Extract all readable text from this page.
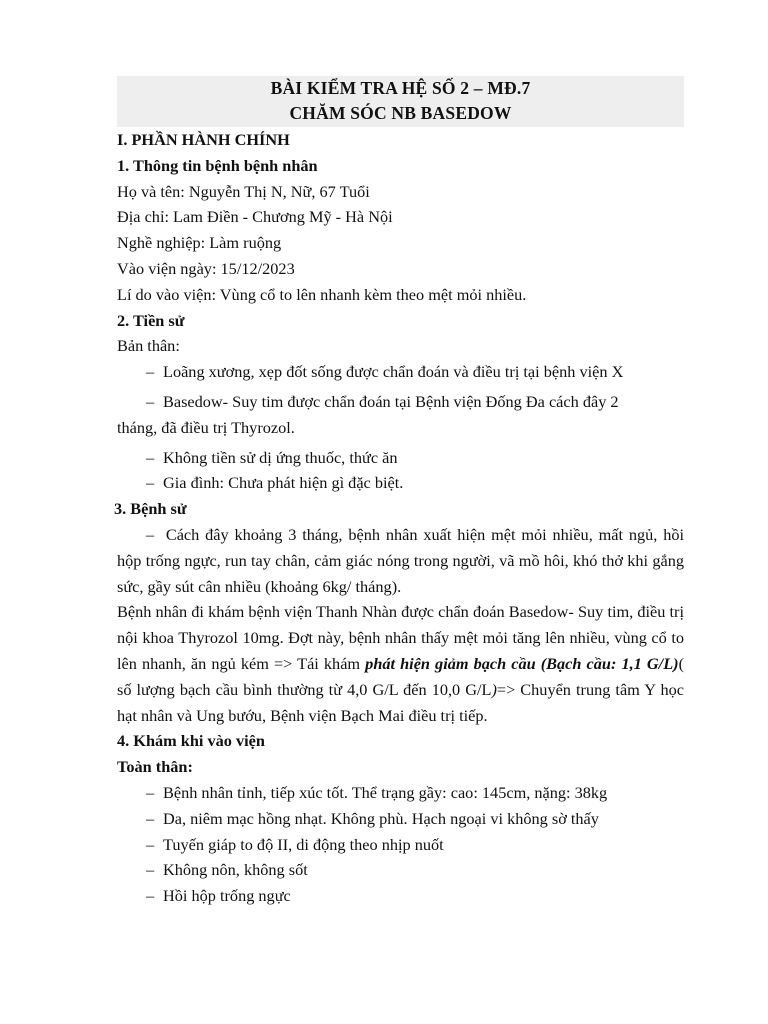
BÀI KIỂM TRA HỆ SỐ 2 – MĐ.7
CHĂM SÓC NB BASEDOW

I. PHẦN HÀNH CHÍNH

1. Thông tin bệnh bệnh nhân

Họ và tên: Nguyễn Thị N, Nữ, 67 Tuổi

Địa chỉ: Lam Điền - Chương Mỹ - Hà Nội

Nghề nghiệp: Làm ruộng

Vào viện ngày: 15/12/2023

Lí do vào viện: Vùng cổ to lên nhanh kèm theo mệt mỏi nhiều.

2. Tiền sử

Bản thân:

– Loãng xương, xẹp đốt sống được chẩn đoán và điều trị tại bệnh viện X

– Basedow- Suy tim được chẩn đoán tại Bệnh viện Đống Đa cách đây 2

tháng, đã điều trị Thyrozol.

– Không tiền sử dị ứng thuốc, thức ăn

– Gia đình: Chưa phát hiện gì đặc biệt.

3. Bệnh sử

– Cách đây khoảng 3 tháng, bệnh nhân xuất hiện mệt mỏi nhiều, mất ngủ, hồi hộp trống ngực, run tay chân, cảm giác nóng trong người, vã mồ hôi, khó thở khi gắng sức, gầy sút cân nhiều (khoảng 6kg/ tháng).

Bệnh nhân đi khám bệnh viện Thanh Nhàn được chẩn đoán Basedow- Suy tim, điều trị nội khoa Thyrozol 10mg. Đợt này, bệnh nhân thấy mệt mỏi tăng lên nhiều, vùng cổ to lên nhanh, ăn ngủ kém => Tái khám phát hiện giảm bạch cầu (Bạch cầu: 1,1 G/L)( số lượng bạch cầu bình thường từ 4,0 G/L đến 10,0 G/L)=> Chuyển trung tâm Y học hạt nhân và Ung bướu, Bệnh viện Bạch Mai điều trị tiếp.

4. Khám khi vào viện

Toàn thân:

– Bệnh nhân tỉnh, tiếp xúc tốt. Thể trạng gầy: cao: 145cm, nặng: 38kg

– Da, niêm mạc hồng nhạt. Không phù. Hạch ngoại vi không sờ thấy

– Tuyến giáp to độ II, di động theo nhịp nuốt

– Không nôn, không sốt

– Hồi hộp trống ngực
